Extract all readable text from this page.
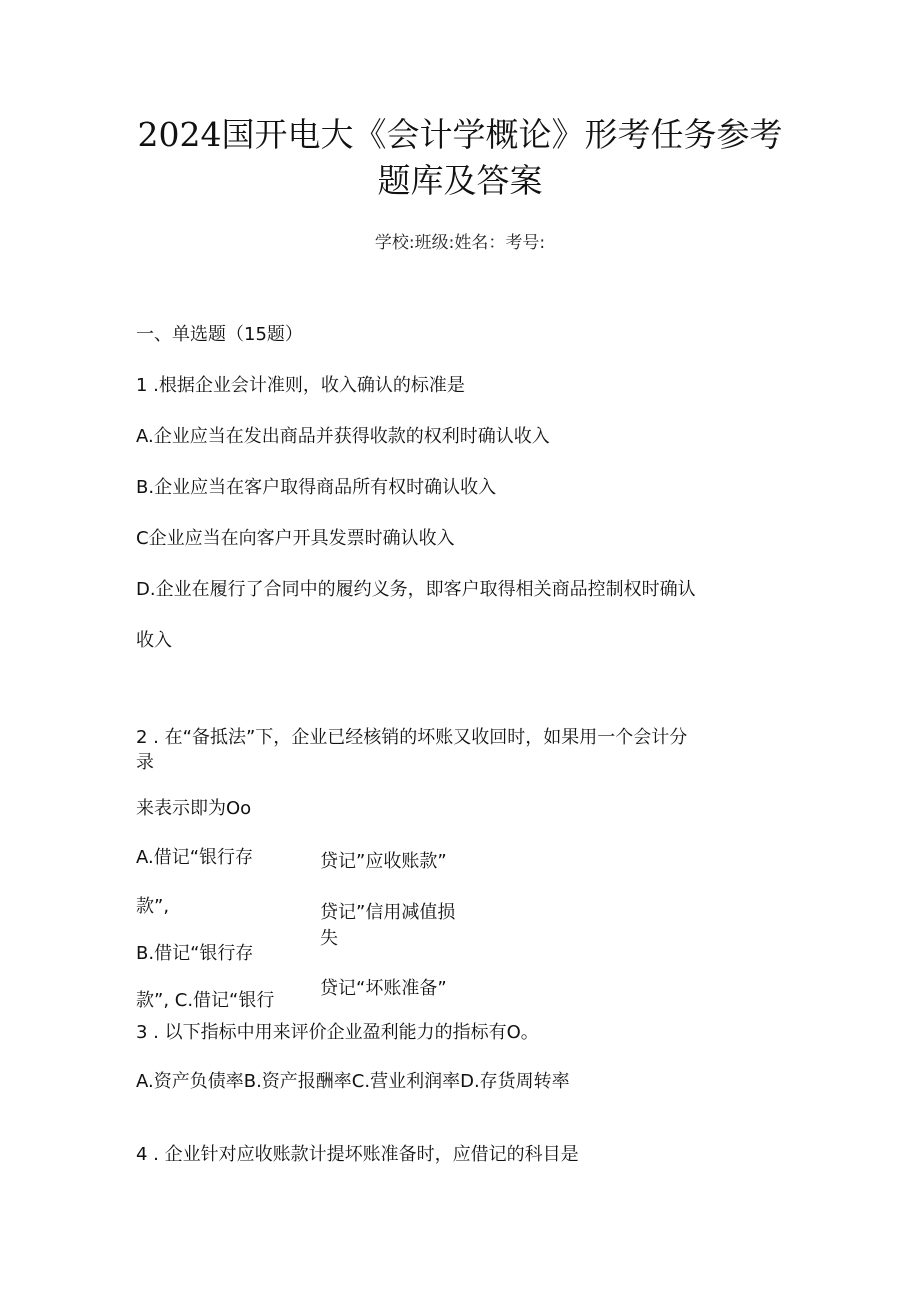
2024国开电大《会计学概论》形考任务参考
题库及答案
学校:班级:姓名：考号:
一、单选题（15题）
1 .根据企业会计准则，收入确认的标准是
A.企业应当在发出商品并获得收款的权利时确认收入
B.企业应当在客户取得商品所有权时确认收入
C企业应当在向客户开具发票时确认收入
D.企业在履行了合同中的履约义务，即客户取得相关商品控制权时确认
收入
2 . 在“备抵法”下，企业已经核销的坏账又收回时，如果用一个会计分
录
来表示即为Oo
A.借记“银行存
款”,
B.借记“银行存
款”, C.借记“银行
贷记”应收账款”
贷记”信用减值损
失
贷记“坏账准备”
3 . 以下指标中用来评价企业盈利能力的指标有O。
A.资产负债率B.资产报酬率C.营业利润率D.存货周转率
4 . 企业针对应收账款计提坏账准备时，应借记的科目是
